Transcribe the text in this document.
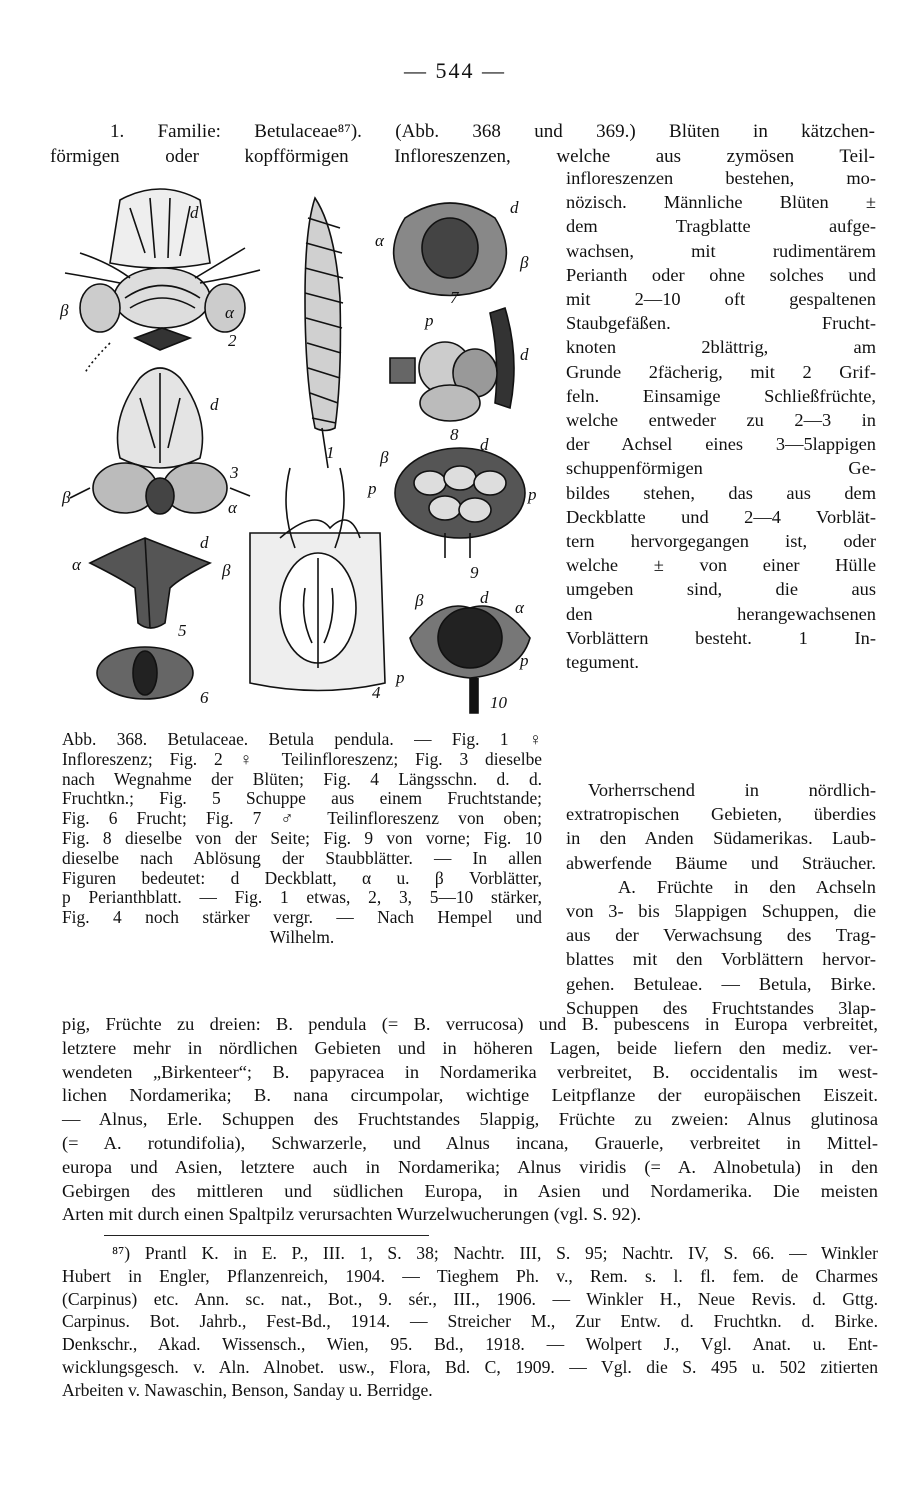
— 544 —
1. Familie: Betulaceae⁸⁷). (Abb. 368 und 369.) Blüten in kätzchen-
förmigen oder kopfförmigen Infloreszenzen, welche aus zymösen Teil-
d
α
β
2
d
3
β
α
d
α	β
5
6
1
4
d
α
β
7
p
d
8
β
d
p	p
9
β	d
α
p
p
10
infloreszenzen bestehen, mo-
nözisch. Männliche Blüten ±
dem Tragblatte aufge-
wachsen, mit rudimentärem
Perianth oder ohne solches und
mit 2—10 oft gespaltenen
Staubgefäßen. Frucht-
knoten 2blättrig, am
Grunde 2fächerig, mit 2 Grif-
feln. Einsamige Schließfrüchte,
welche entweder zu 2—3 in
der Achsel eines 3—5lappigen
schuppenförmigen Ge-
bildes stehen, das aus dem
Deckblatte und 2—4 Vorblät-
tern hervorgegangen ist, oder
welche ± von einer Hülle
umgeben sind, die aus
den herangewachsenen
Vorblättern besteht. 1 In-
tegument.
Vorherrschend in nördlich-
extratropischen Gebieten, überdies
in den Anden Südamerikas. Laub-
abwerfende Bäume und Sträucher.
A. Früchte in den Achseln
von 3- bis 5lappigen Schuppen, die
aus der Verwachsung des Trag-
blattes mit den Vorblättern hervor-
gehen. Betuleae. — Betula, Birke.
Schuppen des Fruchtstandes 3lap-
Abb. 368. Betulaceae. Betula pendula. — Fig. 1 ♀
Infloreszenz; Fig. 2 ♀ Teilinfloreszenz; Fig. 3 dieselbe
nach Wegnahme der Blüten; Fig. 4 Längsschn. d. d.
Fruchtkn.; Fig. 5 Schuppe aus einem Fruchtstande;
Fig. 6 Frucht; Fig. 7 ♂ Teilinfloreszenz von oben;
Fig. 8 dieselbe von der Seite; Fig. 9 von vorne; Fig. 10
dieselbe nach Ablösung der Staubblätter. — In allen
Figuren bedeutet: d Deckblatt, α u. β Vorblätter,
p Perianthblatt. — Fig. 1 etwas, 2, 3, 5—10 stärker,
Fig. 4 noch stärker vergr. — Nach Hempel und
Wilhelm.
pig, Früchte zu dreien: B. pendula (= B. verrucosa) und B. pubescens in Europa verbreitet,
letztere mehr in nördlichen Gebieten und in höheren Lagen, beide liefern den mediz. ver-
wendeten „Birkenteer“; B. papyracea in Nordamerika verbreitet, B. occidentalis im west-
lichen Nordamerika; B. nana circumpolar, wichtige Leitpflanze der europäischen Eiszeit.
— Alnus, Erle. Schuppen des Fruchtstandes 5lappig, Früchte zu zweien: Alnus glutinosa
(= A. rotundifolia), Schwarzerle, und Alnus incana, Grauerle, verbreitet in Mittel-
europa und Asien, letztere auch in Nordamerika; Alnus viridis (= A. Alnobetula) in den
Gebirgen des mittleren und südlichen Europa, in Asien und Nordamerika. Die meisten
Arten mit durch einen Spaltpilz verursachten Wurzelwucherungen (vgl. S. 92).
⁸⁷) Prantl K. in E. P., III. 1, S. 38; Nachtr. III, S. 95; Nachtr. IV, S. 66. — Winkler
Hubert in Engler, Pflanzenreich, 1904. — Tieghem Ph. v., Rem. s. l. fl. fem. de Charmes
(Carpinus) etc. Ann. sc. nat., Bot., 9. sér., III., 1906. — Winkler H., Neue Revis. d. Gttg.
Carpinus. Bot. Jahrb., Fest-Bd., 1914. — Streicher M., Zur Entw. d. Fruchtkn. d. Birke.
Denkschr., Akad. Wissensch., Wien, 95. Bd., 1918. — Wolpert J., Vgl. Anat. u. Ent-
wicklungsgesch. v. Aln. Alnobet. usw., Flora, Bd. C, 1909. — Vgl. die S. 495 u. 502 zitierten
Arbeiten v. Nawaschin, Benson, Sanday u. Berridge.
